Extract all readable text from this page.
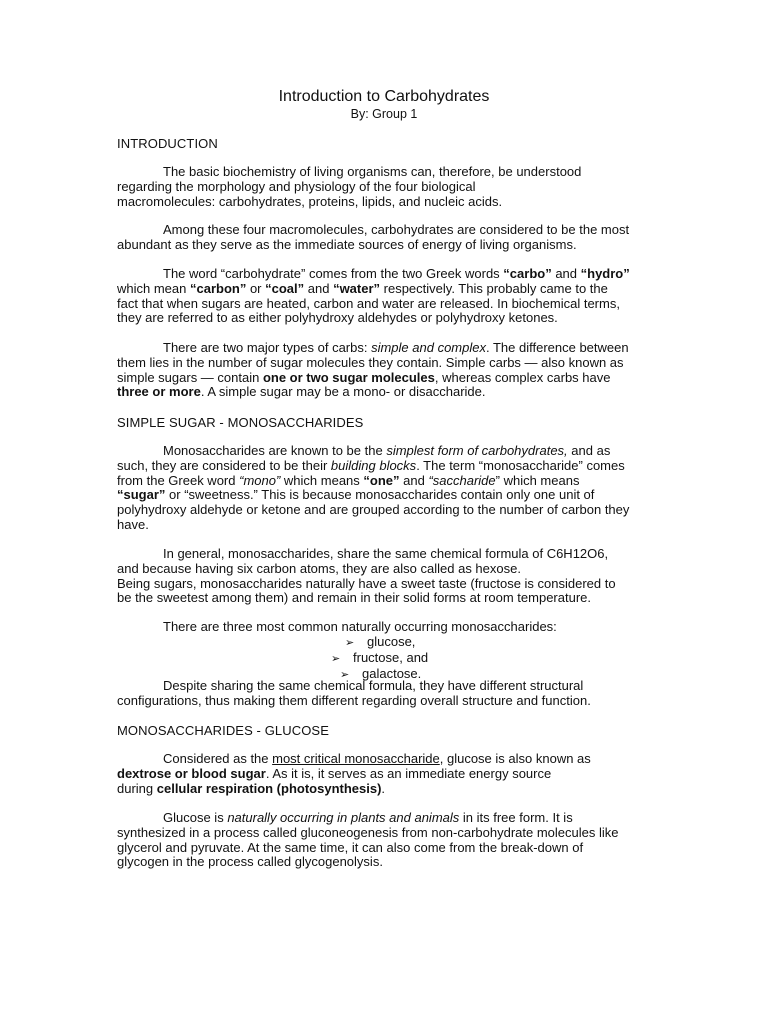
Introduction to Carbohydrates
By: Group 1
INTRODUCTION
The basic biochemistry of living organisms can, therefore, be understood
regarding the morphology and physiology of the four biological
macromolecules: carbohydrates, proteins, lipids, and nucleic acids.
Among these four macromolecules, carbohydrates are considered to be the most
abundant as they serve as the immediate sources of energy of living organisms.
The word “carbohydrate” comes from the two Greek words “carbo” and “hydro”
which mean “carbon” or “coal” and “water” respectively. This probably came to the
fact that when sugars are heated, carbon and water are released. In biochemical terms,
they are referred to as either polyhydroxy aldehydes or polyhydroxy ketones.
There are two major types of carbs: simple and complex. The difference between
them lies in the number of sugar molecules they contain. Simple carbs — also known as
simple sugars — contain one or two sugar molecules, whereas complex carbs have
three or more. A simple sugar may be a mono- or disaccharide.
SIMPLE SUGAR - MONOSACCHARIDES
Monosaccharides are known to be the simplest form of carbohydrates, and as
such, they are considered to be their building blocks. The term “monosaccharide” comes
from the Greek word “mono” which means “one” and “saccharide” which means
“sugar” or “sweetness.” This is because monosaccharides contain only one unit of
polyhydroxy aldehyde or ketone and are grouped according to the number of carbon they
have.
In general, monosaccharides, share the same chemical formula of C6H12O6,
and because having six carbon atoms, they are also called as hexose.
Being sugars, monosaccharides naturally have a sweet taste (fructose is considered to
be the sweetest among them) and remain in their solid forms at room temperature.
There are three most common naturally occurring monosaccharides:
➢ glucose,
➢ fructose, and
➢ galactose.
Despite sharing the same chemical formula, they have different structural
configurations, thus making them different regarding overall structure and function.
MONOSACCHARIDES - GLUCOSE
Considered as the most critical monosaccharide, glucose is also known as
dextrose or blood sugar. As it is, it serves as an immediate energy source
during cellular respiration (photosynthesis).
Glucose is naturally occurring in plants and animals in its free form. It is
synthesized in a process called gluconeogenesis from non-carbohydrate molecules like
glycerol and pyruvate. At the same time, it can also come from the break-down of
glycogen in the process called glycogenolysis.
